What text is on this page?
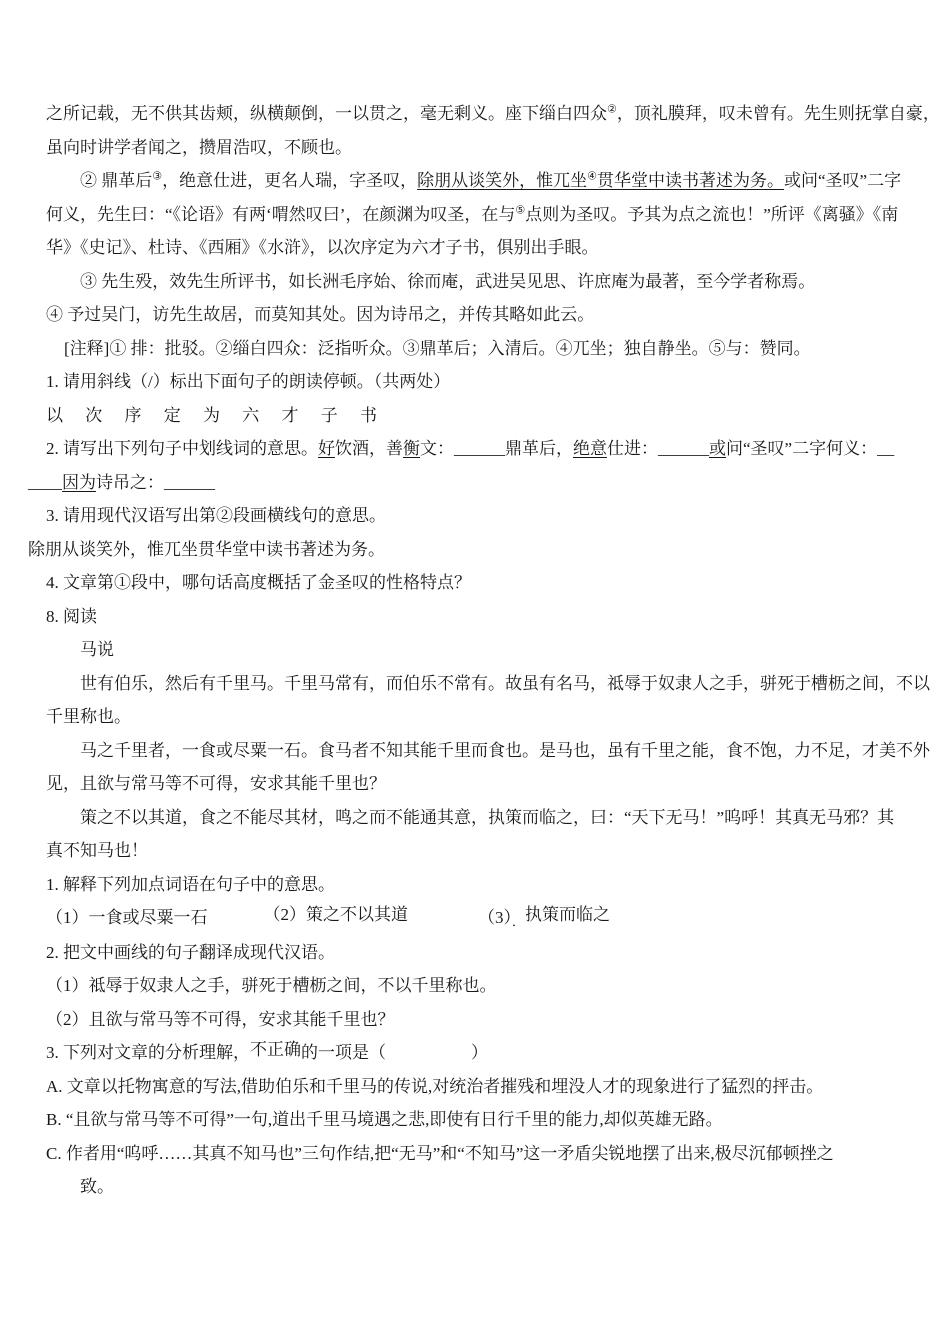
之所记载，无不供其齿颊，纵横颠倒，一以贯之，毫无剩义。座下缁白四众②，顶礼膜拜，叹未曾有。先生则抚掌自豪，
虽向时讲学者闻之，攒眉浩叹，不顾也。
② 鼎革后③，绝意仕进，更名人瑞，字圣叹，除朋从谈笑外，惟兀坐④贯华堂中读书著述为务。或问“圣叹”二字
何义，先生曰：“《论语》有两‘喟然叹曰’，在颜渊为叹圣，在与⑤点则为圣叹。予其为点之流也！”所评《离骚》《南
华》《史记》、杜诗、《西厢》《水浒》，以次序定为六才子书，俱别出手眼。
③ 先生殁，效先生所评书，如长洲毛序始、徐而庵，武进吴见思、许庶庵为最著，至今学者称焉。
④ 予过吴门，访先生故居，而莫知其处。因为诗吊之，并传其略如此云。
[注释]① 排：批驳。②缁白四众：泛指听众。③鼎革后；入清后。④兀坐；独自静坐。⑤与：赞同。
1. 请用斜线（/）标出下面句子的朗读停顿。（共两处）
以 次 序 定 为 六 才 子 书
2. 请写出下列句子中划线词的意思。好饮酒，善衡文：______鼎革后，绝意仕进：______或问“圣叹”二字何义：__
____因为诗吊之：______
3. 请用现代汉语写出第②段画横线句的意思。
除朋从谈笑外，惟兀坐贯华堂中读书著述为务。
4. 文章第①段中，哪句话高度概括了金圣叹的性格特点？
8. 阅读
马说
世有伯乐，然后有千里马。千里马常有，而伯乐不常有。故虽有名马，祗辱于奴隶人之手，骈死于槽枥之间，不以
千里称也。
马之千里者，一食或尽粟一石。食马者不知其能千里而食也。是马也，虽有千里之能，食不饱，力不足，才美不外
见，且欲与常马等不可得，安求其能千里也？
策之不以其道，食之不能尽其材，鸣之而不能通其意，执策而临之，曰：“天下无马！”呜呼！其真无马邪？其
真不知马也！
1. 解释下列加点词语在句子中的意思。
（1）一食或尽粟一石	（2）策之不以其道	（3）．执策而临之
2. 把文中画线的句子翻译成现代汉语。
（1）祗辱于奴隶人之手，骈死于槽枥之间，不以千里称也。
（2）且欲与常马等不可得，安求其能千里也？
3. 下列对文章的分析理解，不正确的一项是（　　　　　）
A. 文章以托物寓意的写法,借助伯乐和千里马的传说,对统治者摧残和埋没人才的现象进行了猛烈的抨击。
B. “且欲与常马等不可得”一句,道出千里马境遇之悲,即使有日行千里的能力,却似英雄无路。
C. 作者用“呜呼……其真不知马也”三句作结,把“无马”和“不知马”这一矛盾尖锐地摆了出来,极尽沉郁顿挫之
致。
